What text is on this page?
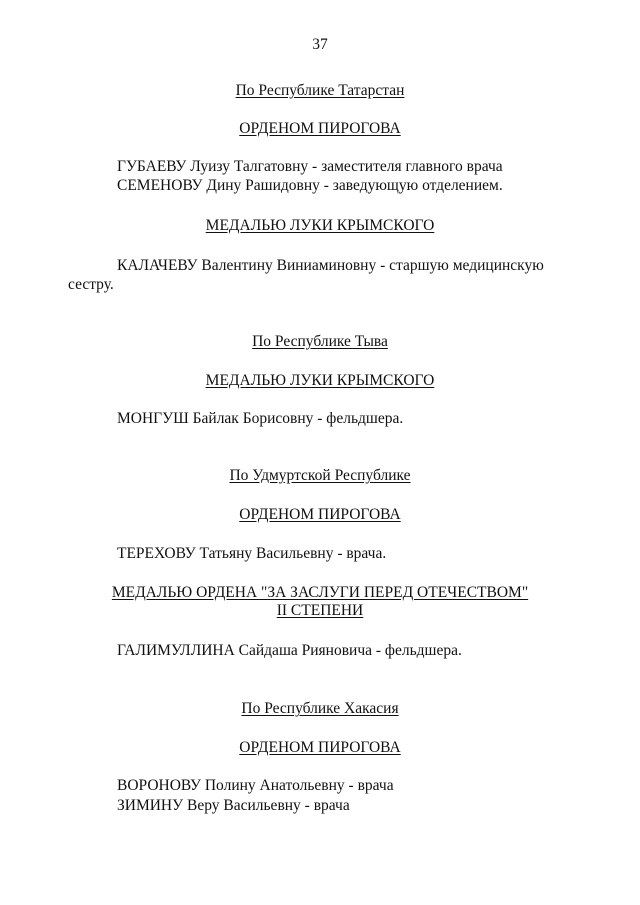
37
По Республике Татарстан
ОРДЕНОМ ПИРОГОВА
ГУБАЕВУ Луизу Талгатовну - заместителя главного врача
СЕМЕНОВУ Дину Рашидовну - заведующую отделением.
МЕДАЛЬЮ ЛУКИ КРЫМСКОГО
КАЛАЧЕВУ Валентину Виниаминовну - старшую медицинскую
сестру.
По Республике Тыва
МЕДАЛЬЮ ЛУКИ КРЫМСКОГО
МОНГУШ Байлак Борисовну - фельдшера.
По Удмуртской Республике
ОРДЕНОМ ПИРОГОВА
ТЕРЕХОВУ Татьяну Васильевну - врача.
МЕДАЛЬЮ ОРДЕНА "ЗА ЗАСЛУГИ ПЕРЕД ОТЕЧЕСТВОМ"
II СТЕПЕНИ
ГАЛИМУЛЛИНА Сайдаша Рияновича - фельдшера.
По Республике Хакасия
ОРДЕНОМ ПИРОГОВА
ВОРОНОВУ Полину Анатольевну - врача
ЗИМИНУ Веру Васильевну - врача
